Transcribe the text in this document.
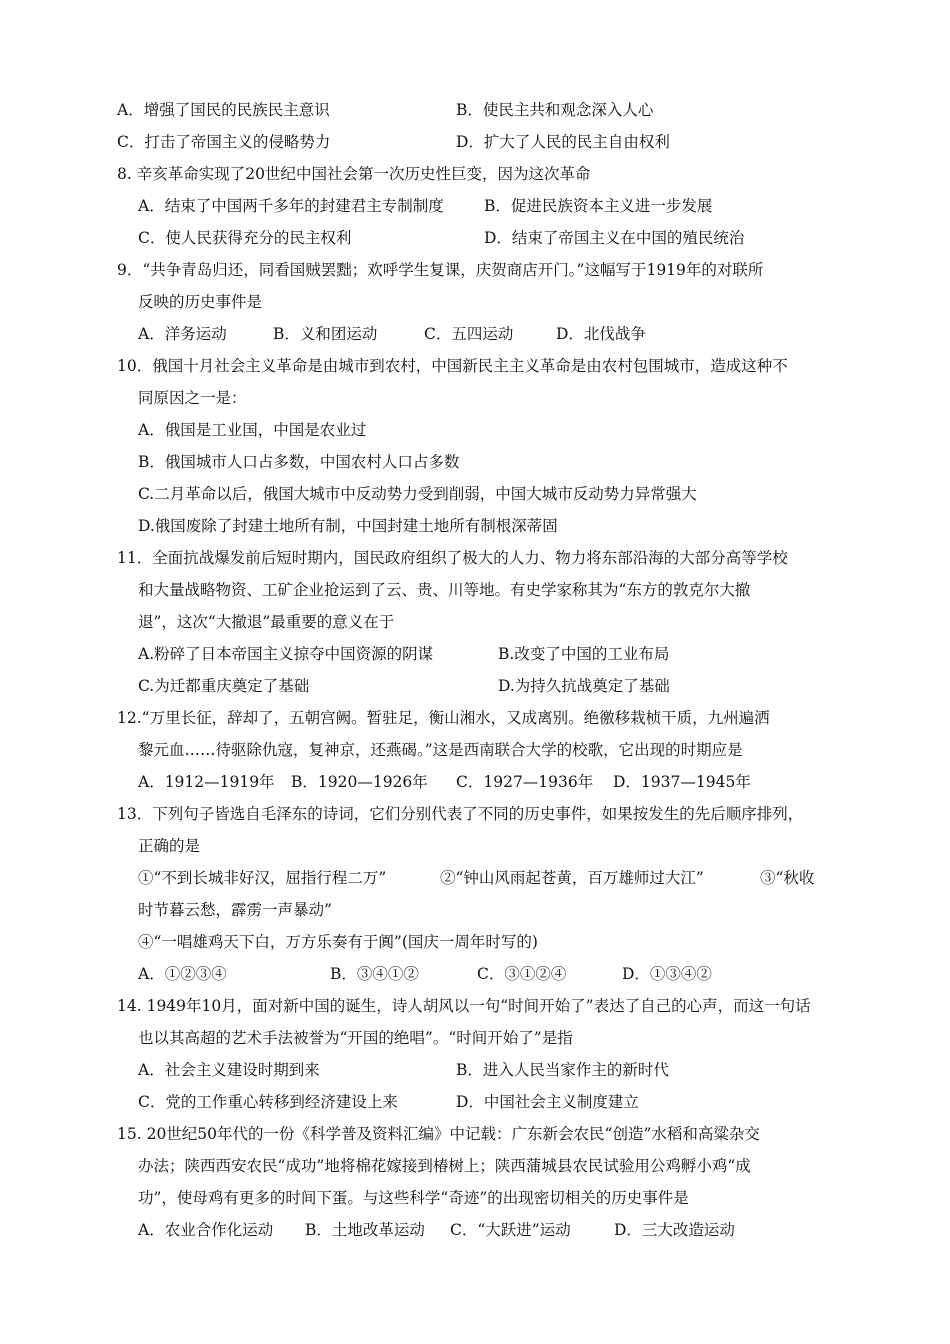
A．增强了国民的民族民主意识	B．使民主共和观念深入人心
C．打击了帝国主义的侵略势力	D．扩大了人民的民主自由权利
8. 辛亥革命实现了20世纪中国社会第一次历史性巨变，因为这次革命
A．结束了中国两千多年的封建君主专制制度	B．促进民族资本主义进一步发展
C．使人民获得充分的民主权利	D．结束了帝国主义在中国的殖民统治
9．“共争青岛归还，同看国贼罢黜；欢呼学生复课，庆贺商店开门。”这幅写于1919年的对联所
反映的历史事件是
A．洋务运动	B．义和团运动	C．五四运动	D．北伐战争
10．俄国十月社会主义革命是由城市到农村，中国新民主主义革命是由农村包围城市，造成这种不
同原因之一是：
A．俄国是工业国，中国是农业过
B．俄国城市人口占多数，中国农村人口占多数
C.二月革命以后，俄国大城市中反动势力受到削弱，中国大城市反动势力异常强大
D.俄国废除了封建土地所有制，中国封建土地所有制根深蒂固
11．全面抗战爆发前后短时期内，国民政府组织了极大的人力、物力将东部沿海的大部分高等学校
和大量战略物资、工矿企业抢运到了云、贵、川等地。有史学家称其为“东方的敦克尔大撤
退”，这次“大撤退”最重要的意义在于
A.粉碎了日本帝国主义掠夺中国资源的阴谋	B.改变了中国的工业布局
C.为迁都重庆奠定了基础	D.为持久抗战奠定了基础
12.“万里长征，辞却了，五朝宫阙。暂驻足，衡山湘水，又成离别。绝徼移栽桢干质，九州遍洒
黎元血……待驱除仇寇，复神京，还燕碣。”这是西南联合大学的校歌，它出现的时期应是
A．1912—1919年 B．1920—1926年 C．1927—1936年 D．1937—1945年
13．下列句子皆选自毛泽东的诗词，它们分别代表了不同的历史事件，如果按发生的先后顺序排列，
正确的是
①“不到长城非好汉，屈指行程二万”	②“钟山风雨起苍黄，百万雄师过大江”	③“秋收
时节暮云愁，霹雳一声暴动”
④“一唱雄鸡天下白，万方乐奏有于阗”(国庆一周年时写的)
A．①②③④	B．③④①②	C．③①②④	D．①③④②
14. 1949年10月，面对新中国的诞生，诗人胡风以一句“时间开始了”表达了自己的心声，而这一句话
也以其高超的艺术手法被誉为“开国的绝唱”。“时间开始了”是指
A．社会主义建设时期到来	B．进入人民当家作主的新时代
C．党的工作重心转移到经济建设上来	D．中国社会主义制度建立
15. 20世纪50年代的一份《科学普及资料汇编》中记载：广东新会农民“创造”水稻和高粱杂交
办法；陕西西安农民“成功”地将棉花嫁接到椿树上；陕西蒲城县农民试验用公鸡孵小鸡“成
功”，使母鸡有更多的时间下蛋。与这些科学“奇迹”的出现密切相关的历史事件是
A．农业合作化运动 B．土地改革运动 C．“大跃进”运动	D．三大改造运动
